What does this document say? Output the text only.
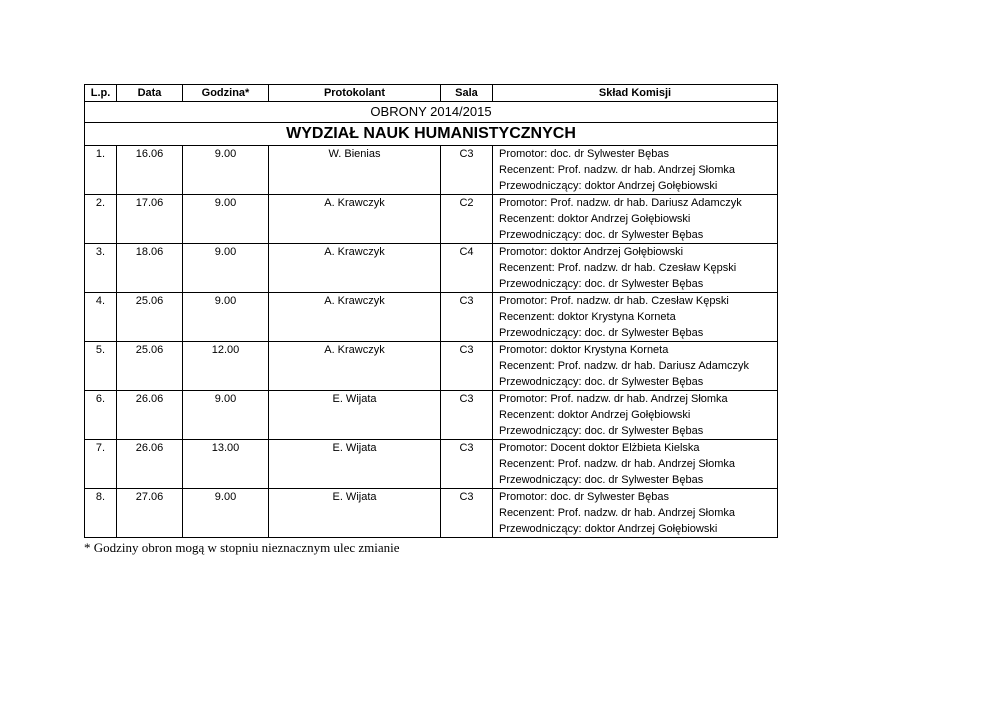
OBRONY 2014/2015					
WYDZIAŁ NAUK HUMANISTYCZNYCH					
L.p.	Data	Godzina*	Protokolant	Sala	Skład Komisji
1.	16.06	9.00	W. Bienias	C3	Promotor: doc. dr Sylwester Bębas
Recenzent: Prof. nadzw. dr hab. Andrzej Słomka
Przewodniczący: doktor Andrzej Gołębiowski

2.	17.06	9.00	A. Krawczyk	C2	Promotor: Prof. nadzw. dr hab. Dariusz Adamczyk
Recenzent: doktor Andrzej Gołębiowski
Przewodniczący: doc. dr Sylwester Bębas

3.	18.06	9.00	A. Krawczyk	C4	Promotor: doktor Andrzej Gołębiowski
Recenzent: Prof. nadzw. dr hab. Czesław Kępski
Przewodniczący: doc. dr Sylwester Bębas

4.	25.06	9.00	A. Krawczyk	C3	Promotor: Prof. nadzw. dr hab. Czesław Kępski
Recenzent: doktor Krystyna Korneta
Przewodniczący: doc. dr Sylwester Bębas

5.	25.06	12.00	A. Krawczyk	C3	Promotor: doktor Krystyna Korneta
Recenzent: Prof. nadzw. dr hab. Dariusz Adamczyk
Przewodniczący: doc. dr Sylwester Bębas

6.	26.06	9.00	E. Wijata	C3	Promotor: Prof. nadzw. dr hab. Andrzej Słomka
Recenzent: doktor Andrzej Gołębiowski
Przewodniczący: doc. dr Sylwester Bębas

7.	26.06	13.00	E. Wijata	C3	Promotor: Docent doktor Elżbieta Kielska
Recenzent: Prof. nadzw. dr hab. Andrzej Słomka
Przewodniczący: doc. dr Sylwester Bębas

8.	27.06	9.00	E. Wijata	C3	Promotor: doc. dr Sylwester Bębas
Recenzent: Prof. nadzw. dr hab. Andrzej Słomka
Przewodniczący: doktor Andrzej Gołębiowski
* Godziny obron mogą w stopniu nieznacznym ulec zmianie
